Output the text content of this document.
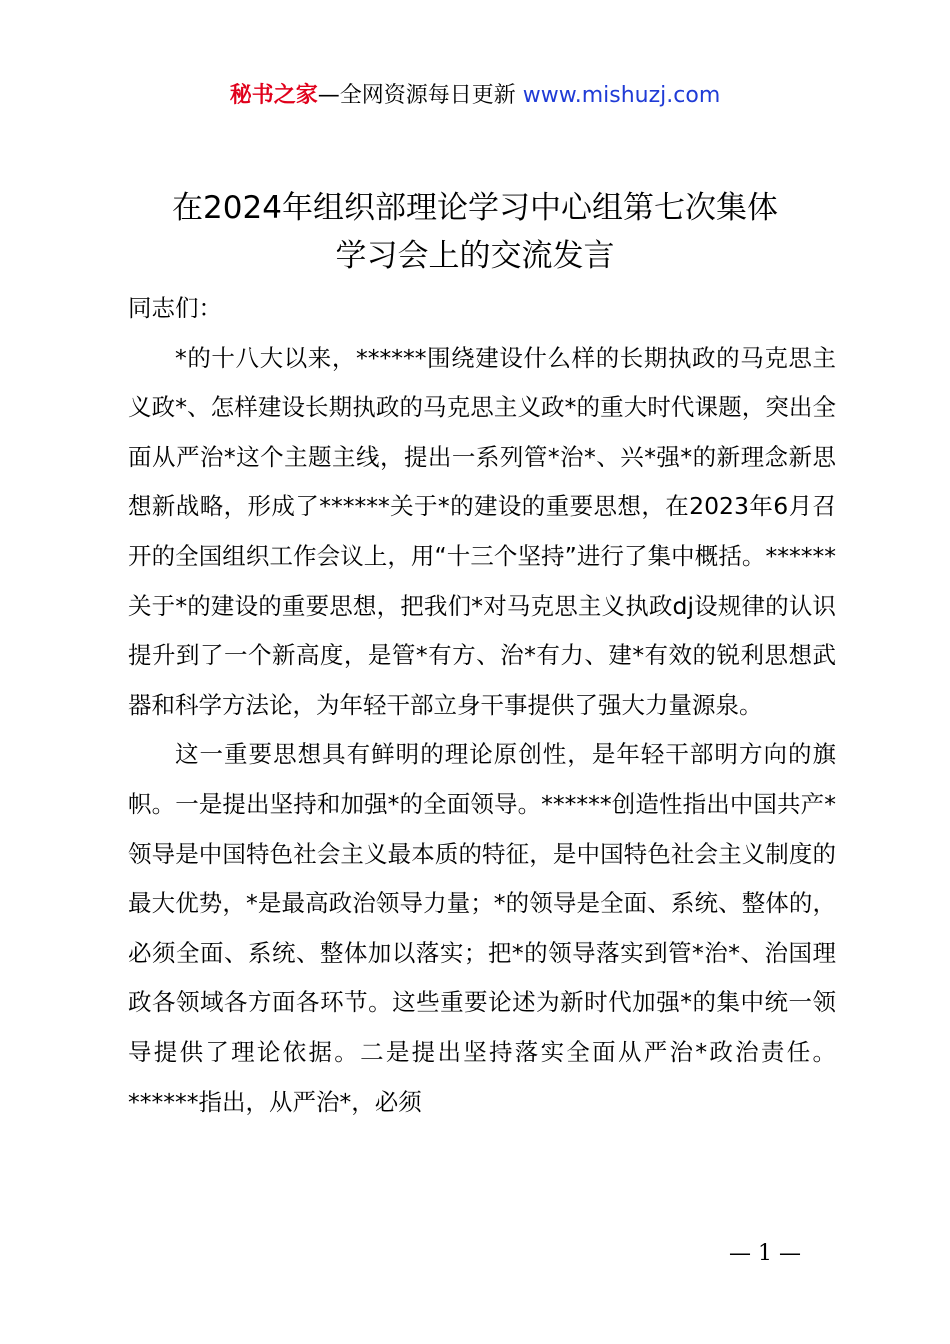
秘书之家—全网资源每日更新 www.mishuzj.com
在2024年组织部理论学习中心组第七次集体
学习会上的交流发言

同志们：

*的十八大以来，******围绕建设什么样的长期执政的马克思主义政*、怎样建设长期执政的马克思主义政*的重大时代课题，突出全面从严治*这个主题主线，提出一系列管*治*、兴*强*的新理念新思想新战略，形成了******关于*的建设的重要思想，在2023年6月召开的全国组织工作会议上，用“十三个坚持”进行了集中概括。******关于*的建设的重要思想，把我们*对马克思主义执政dj设规律的认识提升到了一个新高度，是管*有方、治*有力、建*有效的锐利思想武器和科学方法论，为年轻干部立身干事提供了强大力量源泉。

这一重要思想具有鲜明的理论原创性，是年轻干部明方向的旗帜。一是提出坚持和加强*的全面领导。******创造性指出中国共产*领导是中国特色社会主义最本质的特征，是中国特色社会主义制度的最大优势，*是最高政治领导力量；*的领导是全面、系统、整体的，必须全面、系统、整体加以落实；把*的领导落实到管*治*、治国理政各领域各方面各环节。这些重要论述为新时代加强*的集中统一领导提供了理论依据。二是提出坚持落实全面从严治*政治责任。******指出，从严治*，必须

— 1 —
